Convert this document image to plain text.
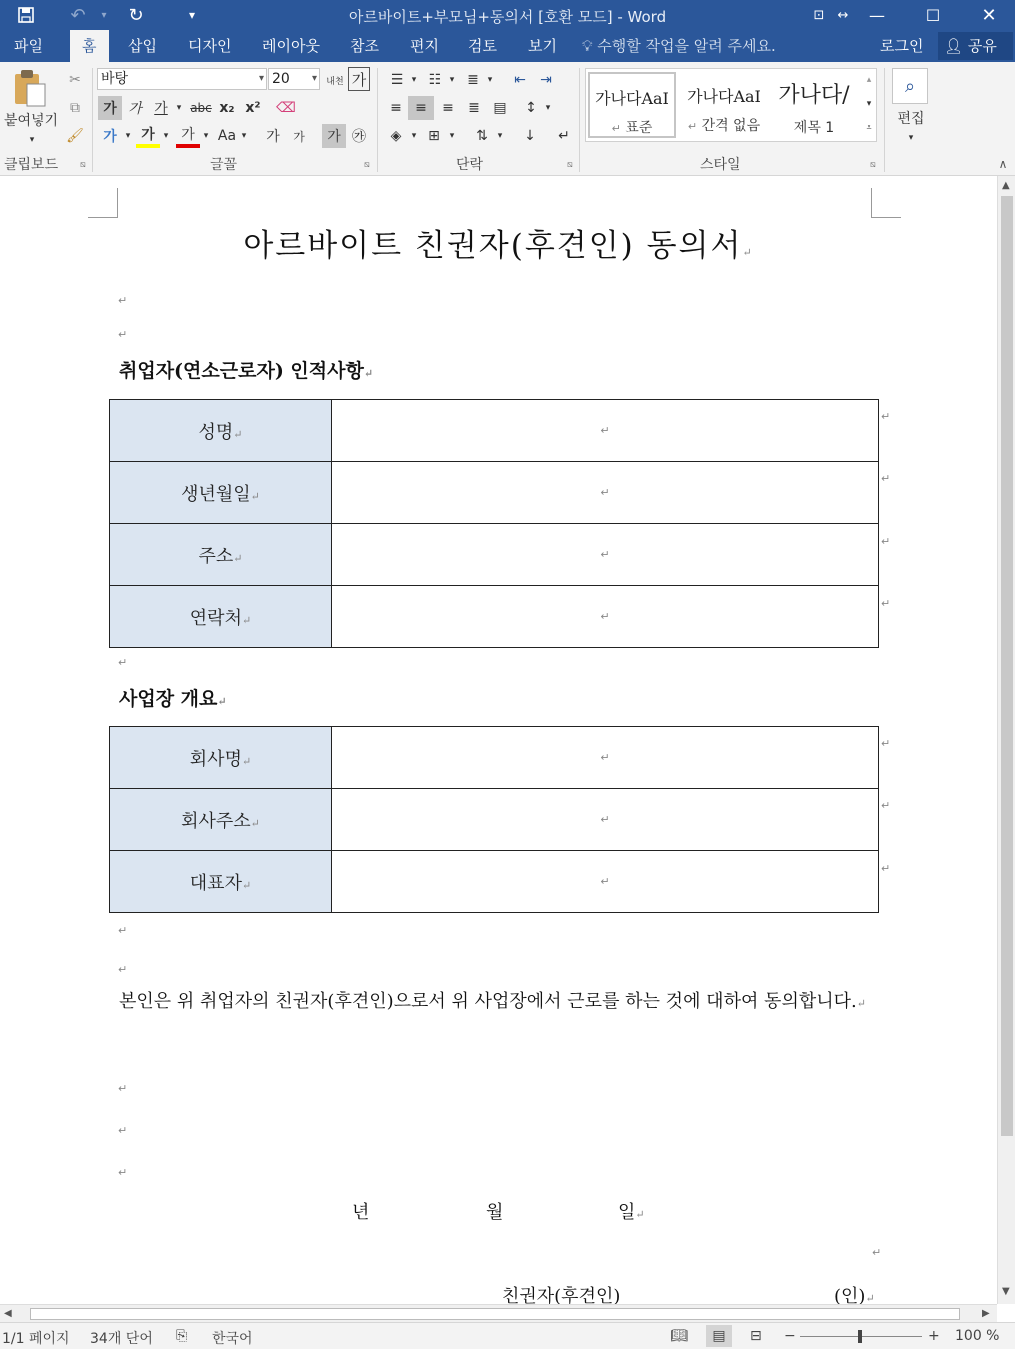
↶	▾	↻	▾	아르바이트+부모님+동의서 [호환 모드] - Word	⊡	↔	—	☐	✕
파일	홈	삽입	디자인	레이아웃	참조	편지	검토	보기	💡︎ 수행할 작업을 알려 주세요.	로그인	👤︎ 공유
붙여넣기
▾
✂
⧉
🖌︎
클립보드 ⧅
바탕	▾ 20 ▾ 내천 가
가 가 가 ▾ abc x₂ x² ⌫
가 ▾ 가 ▾ 가 ▾ Aa ▾	가	가	가 ㉮
글꼴	⧅
☰ ▾ ☷ ▾ ≣ ▾	⇤	⇥
≡ ≡	≡	≣ ▤	↕ ▾
◈	▾ ⊞	▾	⇅	▾	↓	↵
단락	⧅
가나다AaI
↵ 표준
가나다AaI
↵ 간격 없음
가나다/
제목 1
▴
▾
⩡
스타일	⧅
⌕
편집
▾
∧
아르바이트 친권자(후견인) 동의서↵
↵
↵
취업자(연소근로자) 인적사항↵
성명↵	↵
생년월일↵	↵
주소↵	↵
연락처↵	↵
↵
↵
↵
↵
↵
사업장 개요↵
회사명↵	↵
회사주소↵	↵
대표자↵	↵
↵
↵
↵
↵
↵
본인은 위 취업자의 친권자(후견인)으로서 위 사업장에서 근로를 하는 것에 대하여 동의합니다.↵
↵
↵
↵
년	월	일↵
↵
친권자(후견인)	(인)↵
▲
▼
◀	▶
1/1 페이지 34개 단어 ⎘ 한국어	📖︎	▤	⊟ −	+ 100 %
